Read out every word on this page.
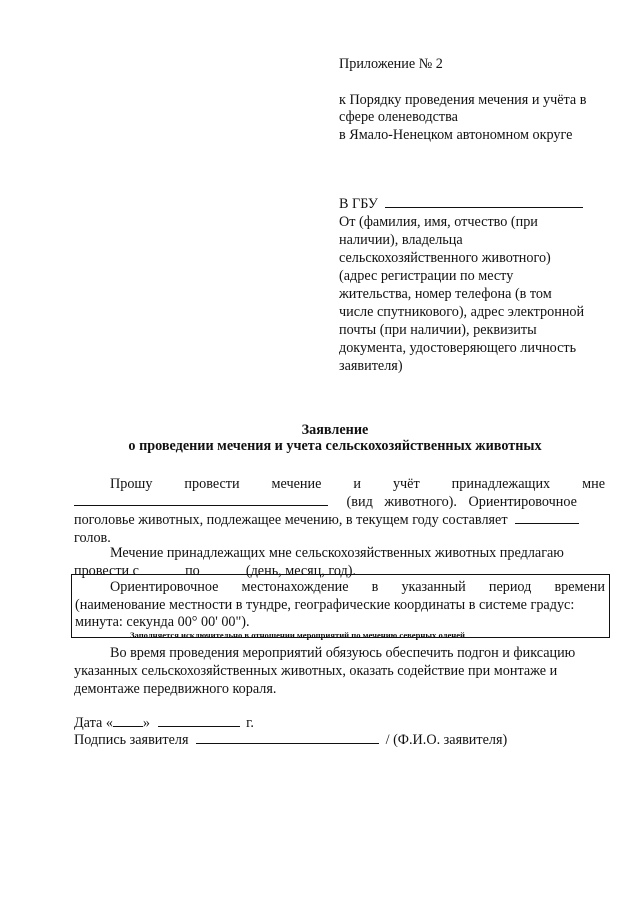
Приложение № 2
к Порядку проведения мечения и учёта в
сфере оленеводства
в Ямало-Ненецком автономном округе
В ГБУ
От (фамилия, имя, отчество (при
наличии), владельца
сельскохозяйственного животного)
(адрес регистрации по месту
жительства, номер телефона (в том
числе спутникового), адрес электронной
почты (при наличии), реквизиты
документа, удостоверяющего личность
заявителя)
Заявление
о проведении мечения и учета сельскохозяйственных животных
Прошу провести мечение и учёт принадлежащих мне
(вид животного). Ориентировочное
поголовье животных, подлежащее мечению, в текущем году составляет
голов.
Мечение принадлежащих мне сельскохозяйственных животных предлагаю
провести с	по	(день, месяц, год).
Ориентировочное местонахождение в указанный период времени
(наименование местности в тундре, географические координаты в системе градус:
минута: секунда 00° 00' 00").
Заполняется исключительно в отношении мероприятий по мечению северных оленей
Во время проведения мероприятий обязуюсь обеспечить подгон и фиксацию
указанных сельскохозяйственных животных, оказать содействие при монтаже и
демонтаже передвижного кораля.
Дата « »	г.
Подпись заявителя	/ (Ф.И.О. заявителя)
